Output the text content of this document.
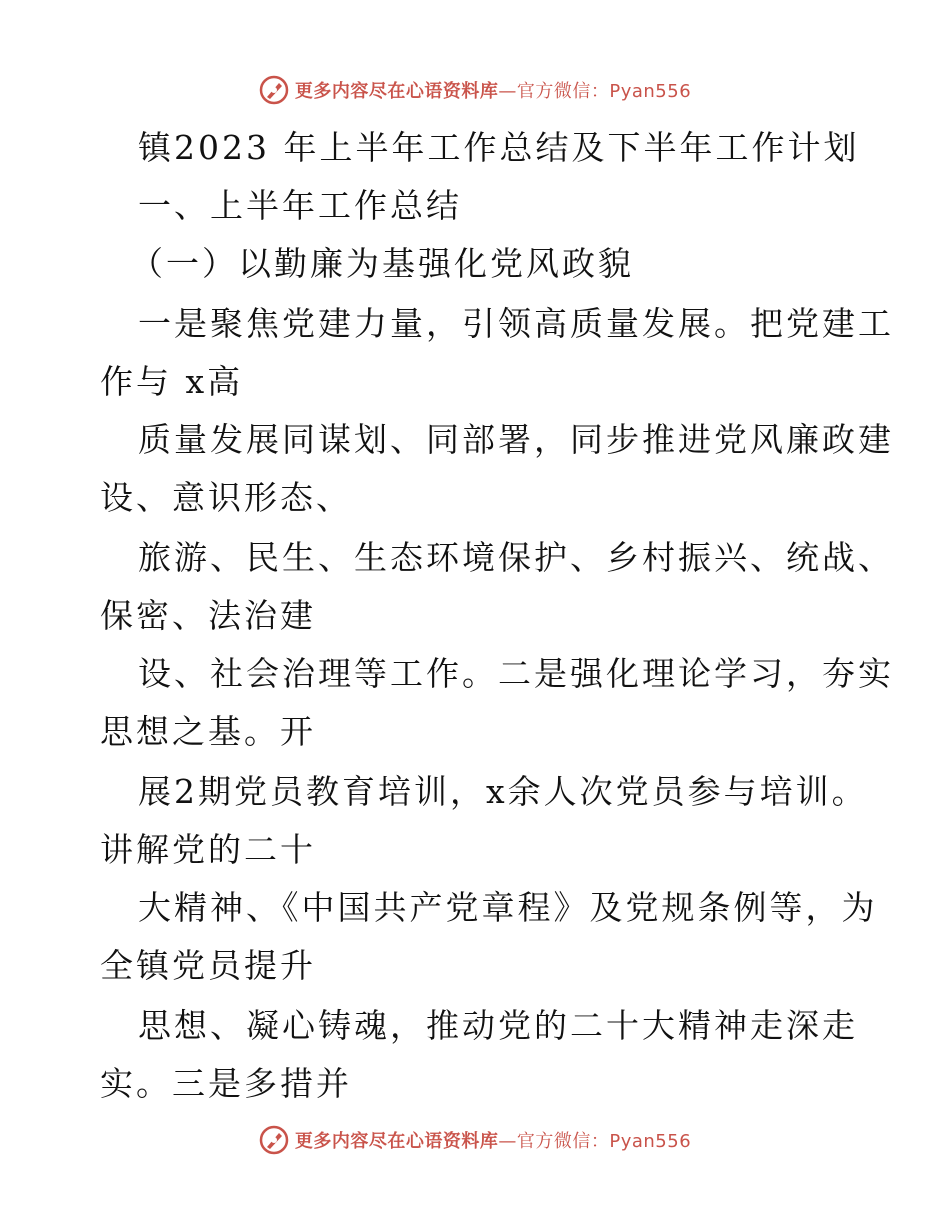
更多内容尽在心语资料库—官方微信：Pyan556
镇2023 年上半年工作总结及下半年工作计划
一、上半年工作总结
（一）以勤廉为基强化党风政貌
一是聚焦党建力量，引领高质量发展。把党建工
作与 x高
质量发展同谋划、同部署，同步推进党风廉政建
设、意识形态、
旅游、民生、生态环境保护、乡村振兴、统战、
保密、法治建
设、社会治理等工作。二是强化理论学习，夯实
思想之基。开
展2期党员教育培训，x余人次党员参与培训。
讲解党的二十
大精神、《中国共产党章程》及党规条例等，为
全镇党员提升
思想、凝心铸魂，推动党的二十大精神走深走
实。三是多措并
更多内容尽在心语资料库—官方微信：Pyan556
